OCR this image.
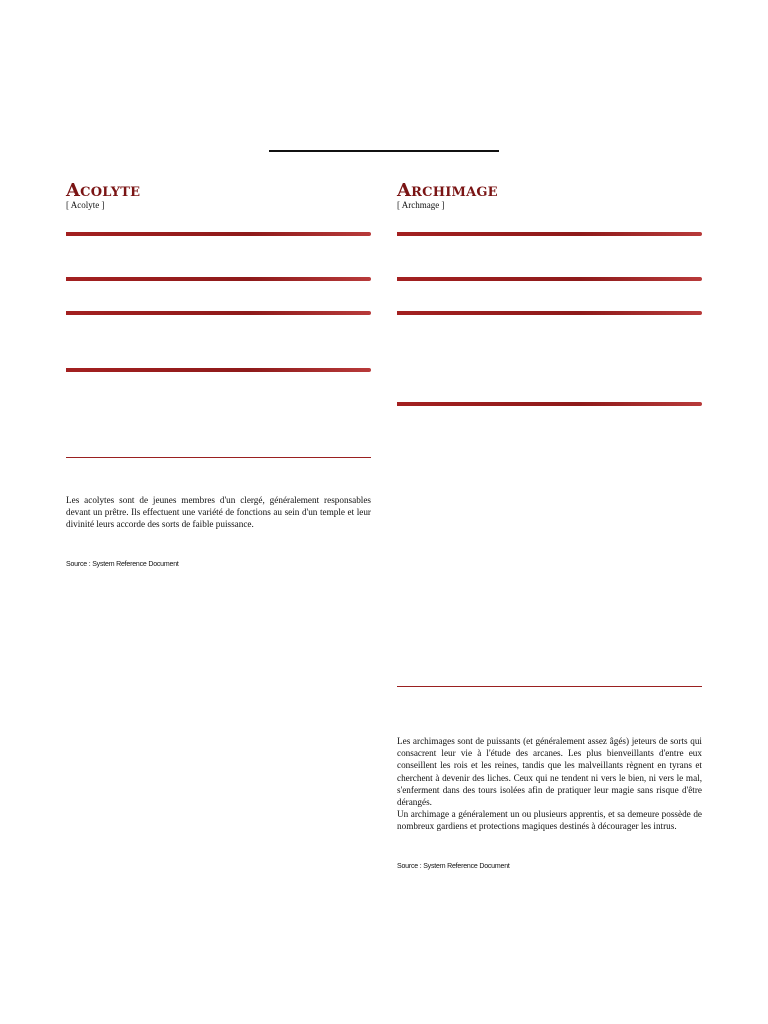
Acolyte
[ Acolyte ]

Les acolytes sont de jeunes membres d'un clergé, généralement responsables devant un prêtre. Ils effectuent une variété de fonctions au sein d'un temple et leur divinité leurs accorde des sorts de faible puissance.

Source : System Reference Document
Archimage
[ Archmage ]

Les archimages sont de puissants (et généralement assez âgés) jeteurs de sorts qui consacrent leur vie à l'étude des arcanes. Les plus bienveillants d'entre eux conseillent les rois et les reines, tandis que les malveillants règnent en tyrans et cherchent à devenir des liches. Ceux qui ne tendent ni vers le bien, ni vers le mal, s'enferment dans des tours isolées afin de pratiquer leur magie sans risque d'être dérangés.

Un archimage a généralement un ou plusieurs apprentis, et sa demeure possède de nombreux gardiens et protections magiques destinés à décourager les intrus.

Source : System Reference Document
